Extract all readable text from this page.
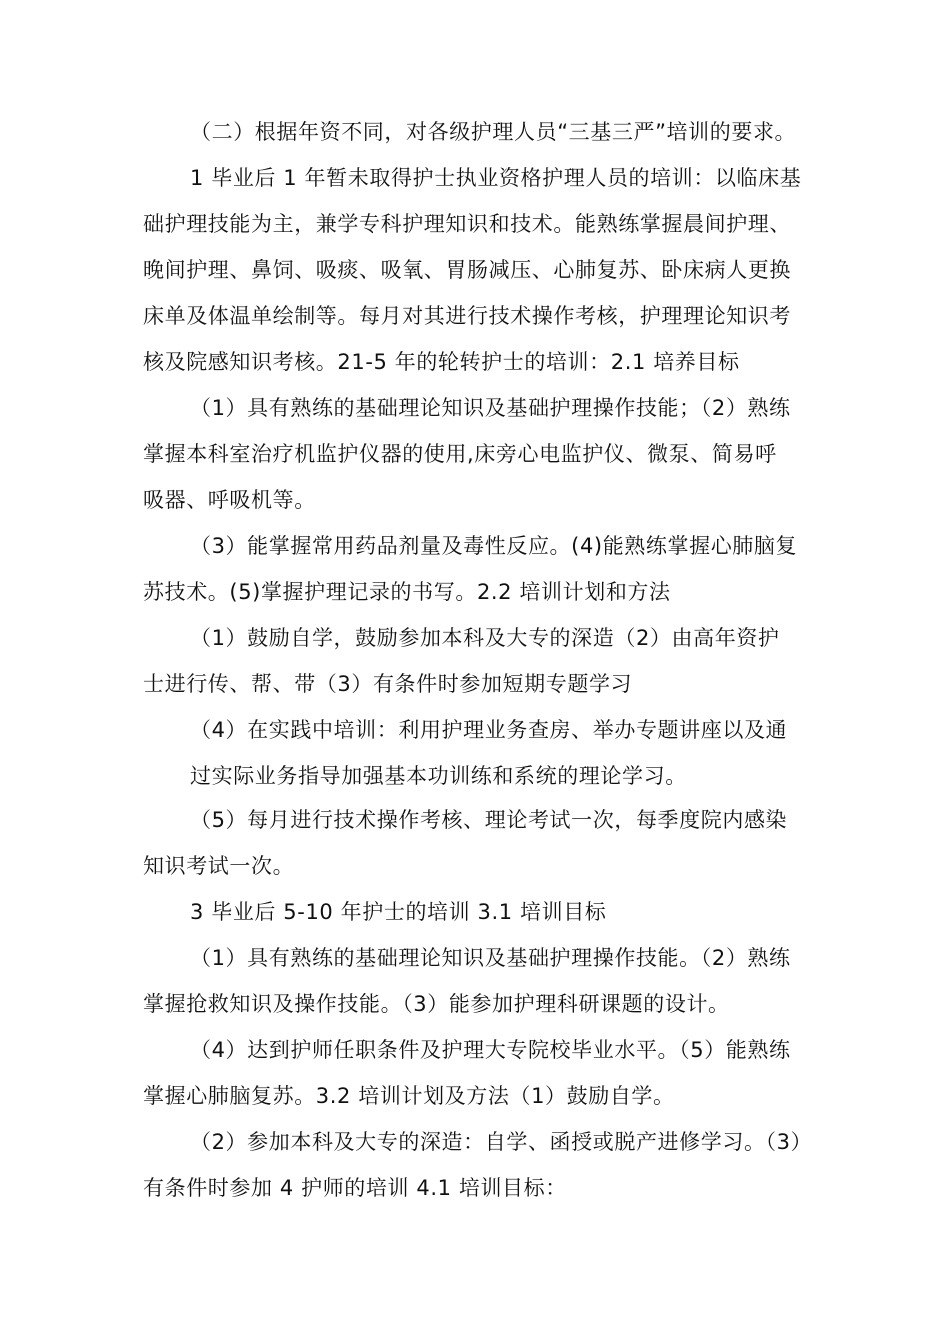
（二）根据年资不同，对各级护理人员“三基三严”培训的要求。
1 毕业后 1 年暂未取得护士执业资格护理人员的培训：以临床基
础护理技能为主，兼学专科护理知识和技术。能熟练掌握晨间护理、
晚间护理、鼻饲、吸痰、吸氧、胃肠减压、心肺复苏、卧床病人更换
床单及体温单绘制等。每月对其进行技术操作考核，护理理论知识考
核及院感知识考核。21-5 年的轮转护士的培训：2.1 培养目标
（1）具有熟练的基础理论知识及基础护理操作技能；（2）熟练
掌握本科室治疗机监护仪器的使用,床旁心电监护仪、微泵、简易呼
吸器、呼吸机等。
（3）能掌握常用药品剂量及毒性反应。(4)能熟练掌握心肺脑复
苏技术。(5)掌握护理记录的书写。2.2 培训计划和方法
（1）鼓励自学，鼓励参加本科及大专的深造（2）由高年资护
士进行传、帮、带（3）有条件时参加短期专题学习
（4）在实践中培训：利用护理业务查房、举办专题讲座以及通
过实际业务指导加强基本功训练和系统的理论学习。
（5）每月进行技术操作考核、理论考试一次，每季度院内感染
知识考试一次。
3 毕业后 5-10 年护士的培训 3.1 培训目标
（1）具有熟练的基础理论知识及基础护理操作技能。（2）熟练
掌握抢救知识及操作技能。（3）能参加护理科研课题的设计。
（4）达到护师任职条件及护理大专院校毕业水平。（5）能熟练
掌握心肺脑复苏。3.2 培训计划及方法（1）鼓励自学。
（2）参加本科及大专的深造：自学、函授或脱产进修学习。（3）
有条件时参加 4 护师的培训 4.1 培训目标：
